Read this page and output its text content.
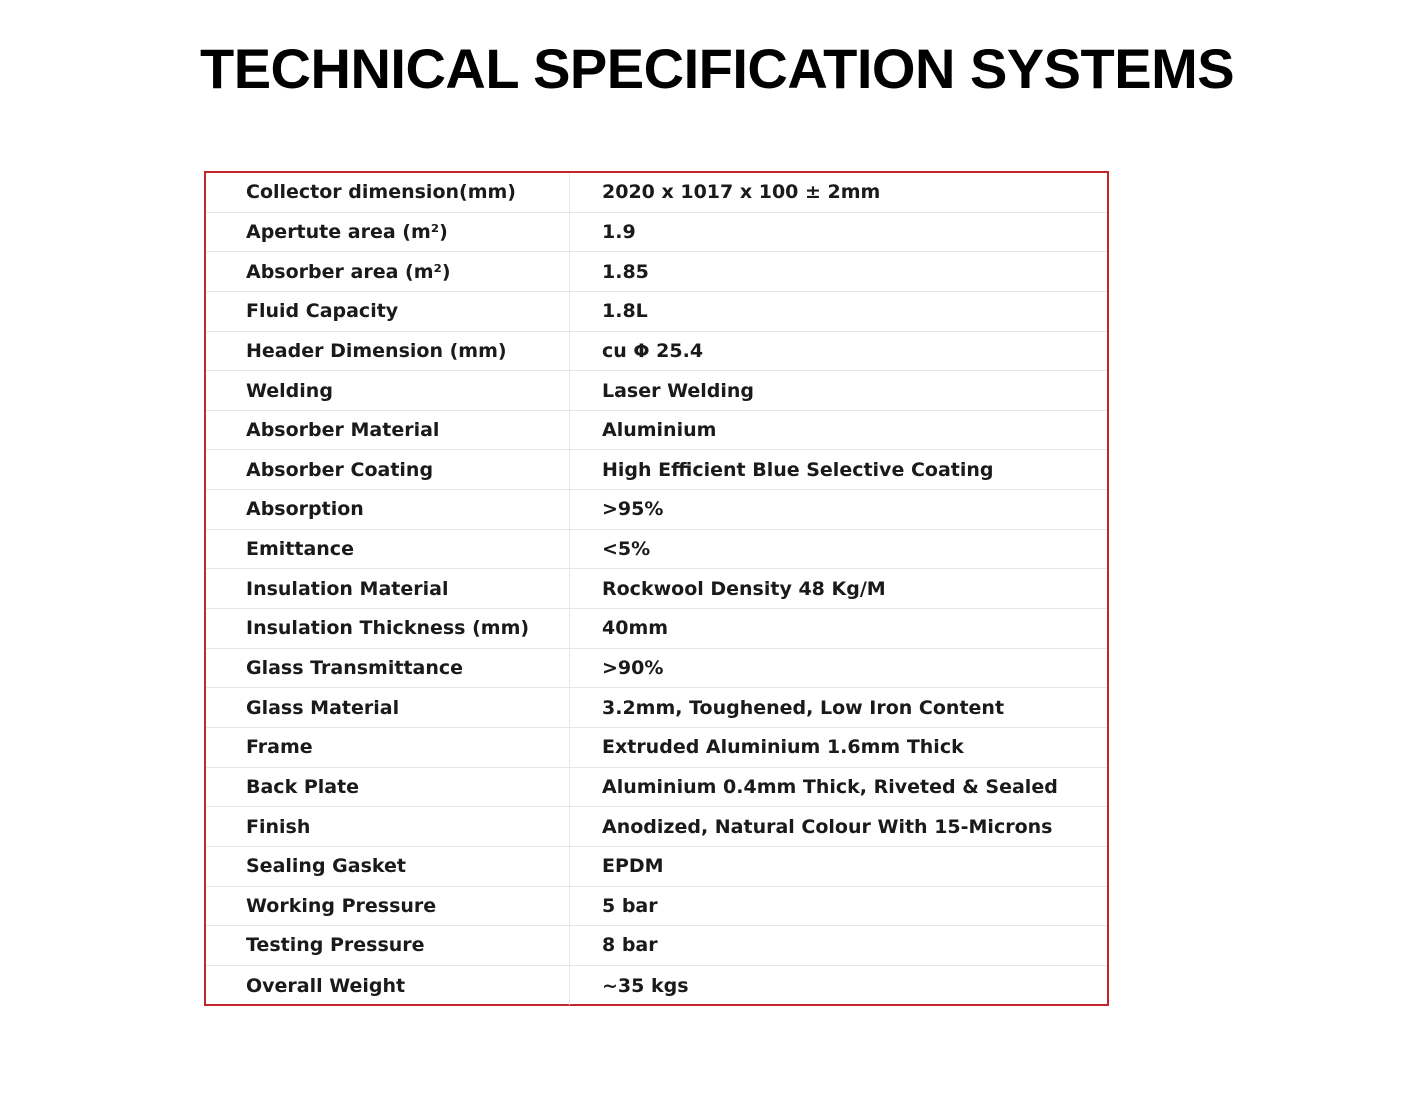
TECHNICAL SPECIFICATION SYSTEMS
Collector dimension(mm)	2020 x 1017 x 100 ± 2mm
Apertute area (m²)	1.9
Absorber area (m²)	1.85
Fluid Capacity	1.8L
Header Dimension (mm)	cu Φ 25.4
Welding	Laser Welding
Absorber Material	Aluminium
Absorber Coating	High Efficient Blue Selective Coating
Absorption	>95%
Emittance	<5%
Insulation Material	Rockwool Density 48 Kg/M
Insulation Thickness (mm)	40mm
Glass Transmittance	>90%
Glass Material	3.2mm, Toughened, Low Iron Content
Frame	Extruded Aluminium 1.6mm Thick
Back Plate	Aluminium 0.4mm Thick, Riveted & Sealed
Finish	Anodized, Natural Colour With 15-Microns
Sealing Gasket	EPDM
Working Pressure	5 bar
Testing Pressure	8 bar
Overall Weight	~35 kgs
